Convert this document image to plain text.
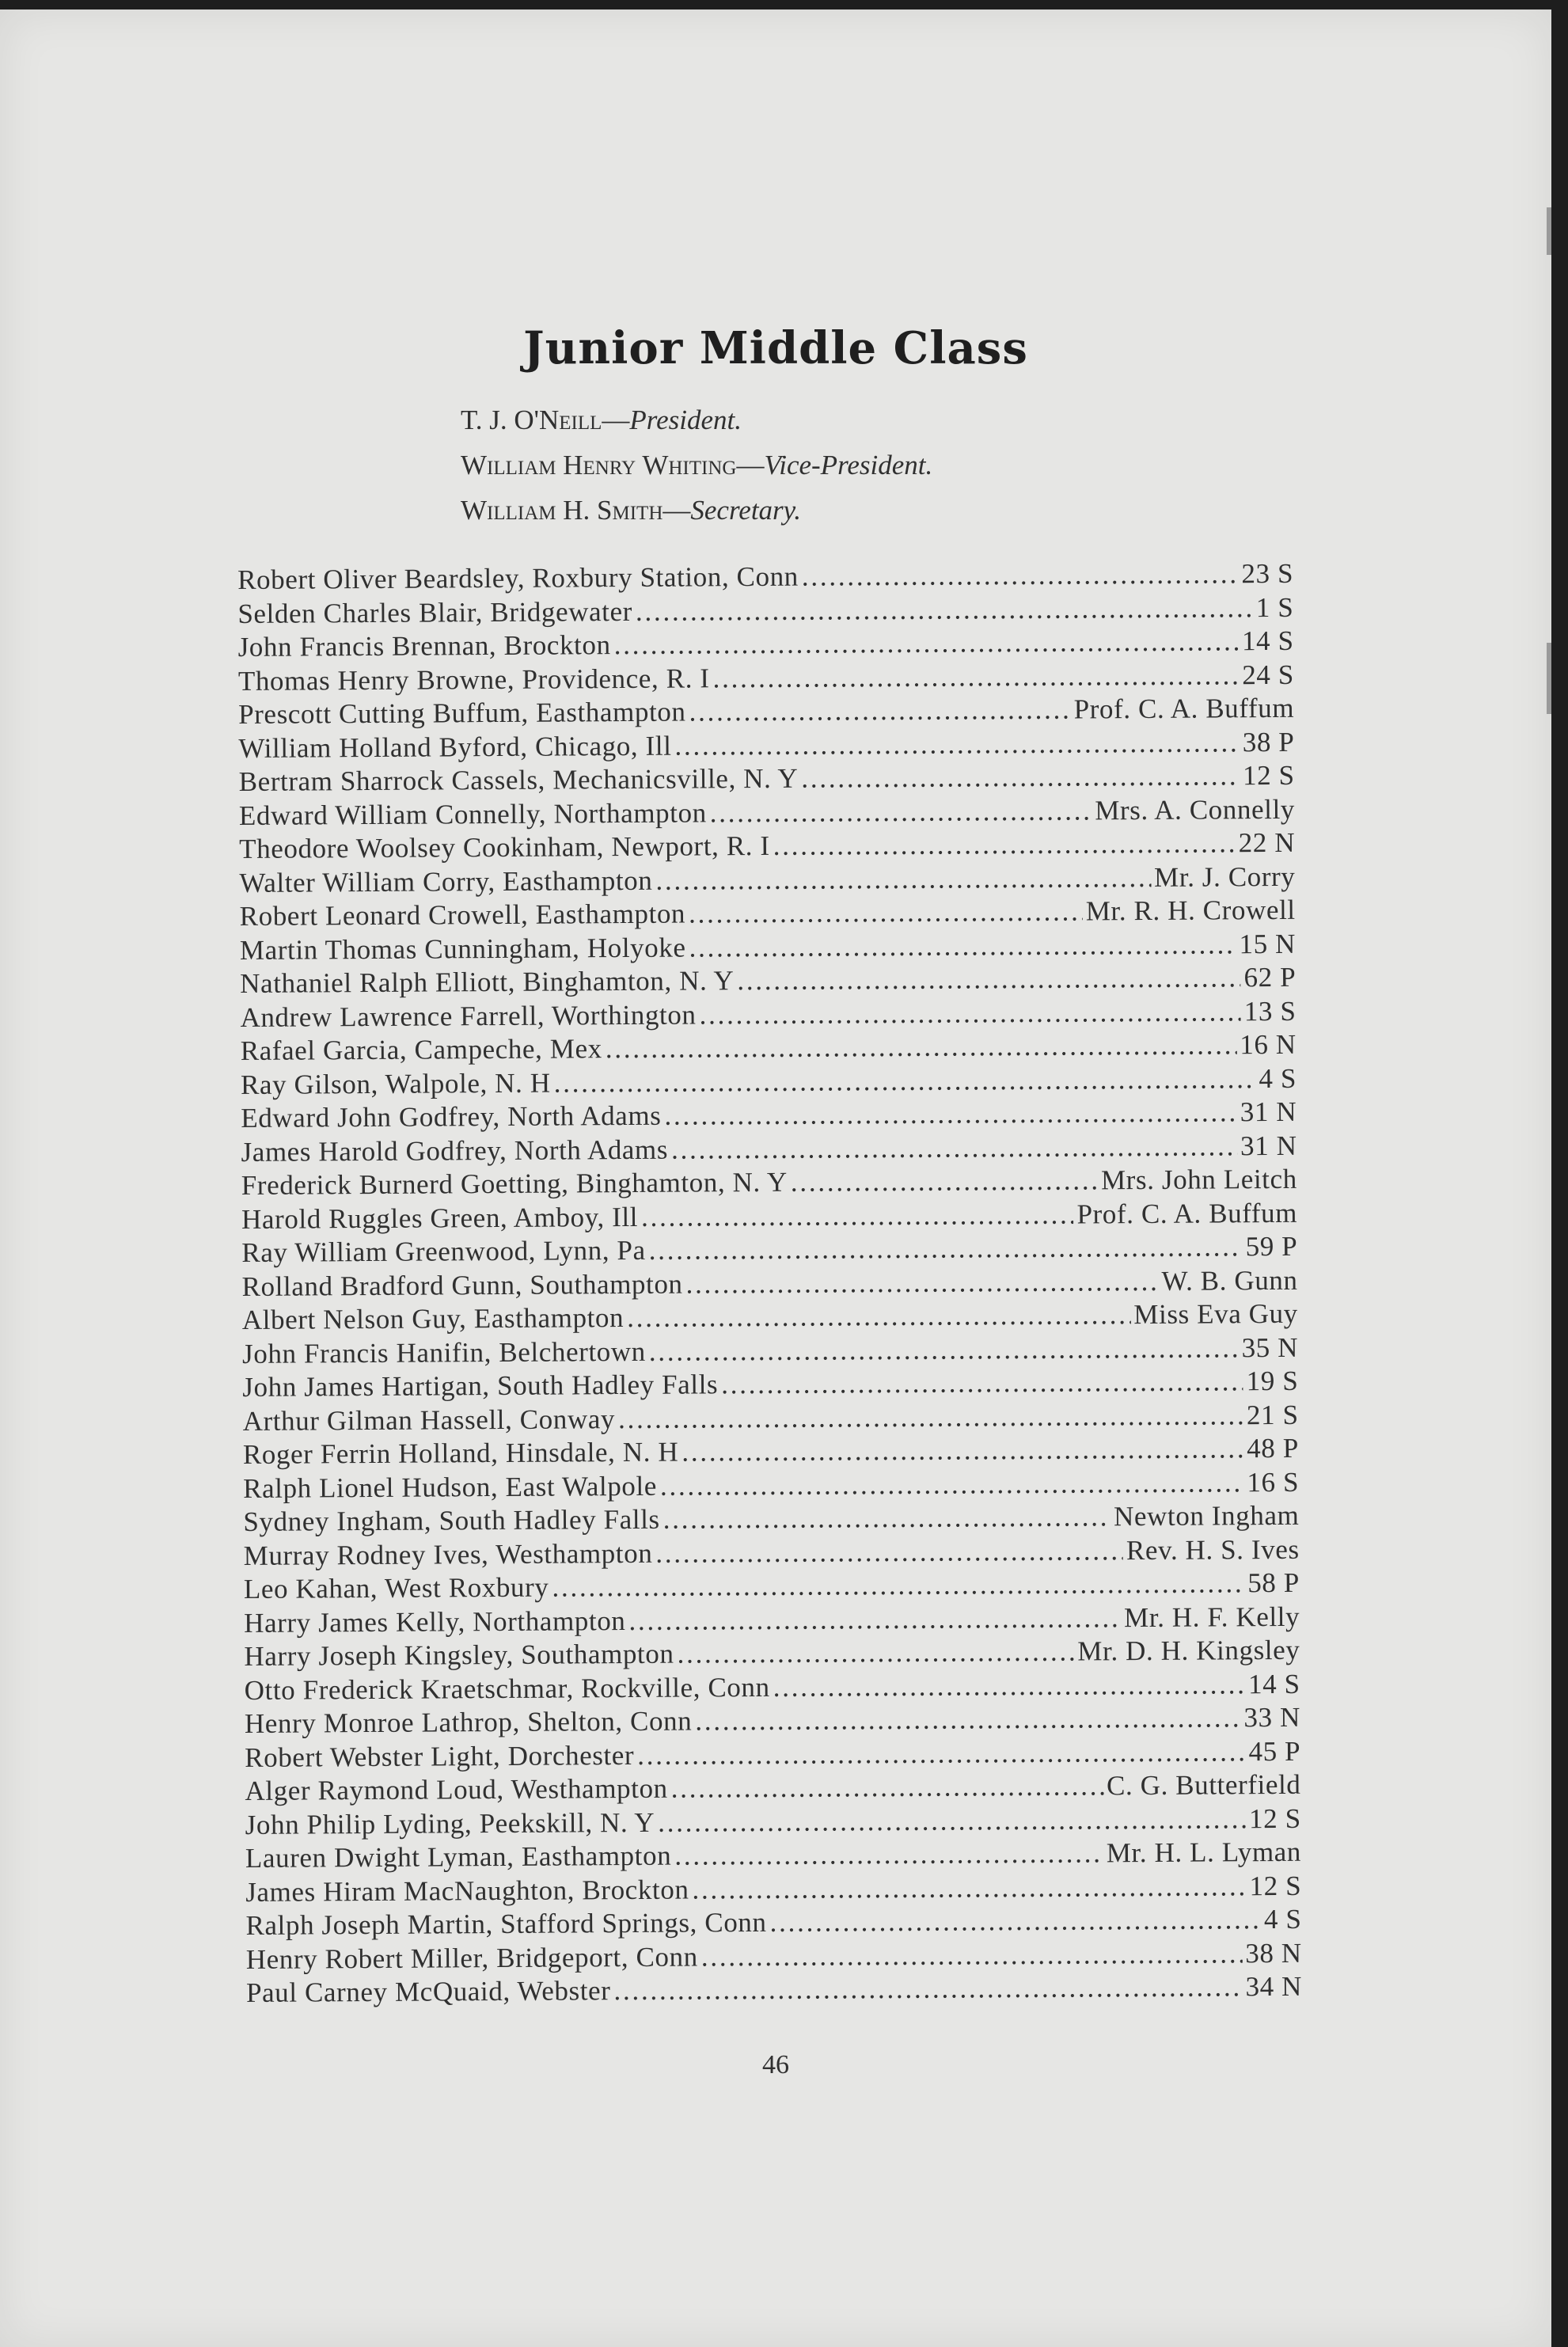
Junior Middle Class
T. J. O'Neill—President.
William Henry Whiting—Vice-President.
William H. Smith—Secretary.
Robert Oliver Beardsley, Roxbury Station, Conn . . .	23 S
Selden Charles Blair, Bridgewater . . .	1 S
John Francis Brennan, Brockton . . .	14 S
Thomas Henry Browne, Providence, R. I . . .	24 S
Prescott Cutting Buffum, Easthampton . . .	Prof. C. A. Buffum
William Holland Byford, Chicago, Ill . . .	38 P
Bertram Sharrock Cassels, Mechanicsville, N. Y . . .	12 S
Edward William Connelly, Northampton . . .	Mrs. A. Connelly
Theodore Woolsey Cookinham, Newport, R. I . . .	22 N
Walter William Corry, Easthampton . . .	Mr. J. Corry
Robert Leonard Crowell, Easthampton . . .	Mr. R. H. Crowell
Martin Thomas Cunningham, Holyoke . . .	15 N
Nathaniel Ralph Elliott, Binghamton, N. Y . . .	62 P
Andrew Lawrence Farrell, Worthington . . .	13 S
Rafael Garcia, Campeche, Mex . . .	16 N
Ray Gilson, Walpole, N. H . . .	4 S
Edward John Godfrey, North Adams . . .	31 N
James Harold Godfrey, North Adams . . .	31 N
Frederick Burnerd Goetting, Binghamton, N. Y . . .	Mrs. John Leitch
Harold Ruggles Green, Amboy, Ill . . .	Prof. C. A. Buffum
Ray William Greenwood, Lynn, Pa . . .	59 P
Rolland Bradford Gunn, Southampton . . .	W. B. Gunn
Albert Nelson Guy, Easthampton . . .	Miss Eva Guy
John Francis Hanifin, Belchertown . . .	35 N
John James Hartigan, South Hadley Falls . . .	19 S
Arthur Gilman Hassell, Conway . . .	21 S
Roger Ferrin Holland, Hinsdale, N. H . . .	48 P
Ralph Lionel Hudson, East Walpole . . .	16 S
Sydney Ingham, South Hadley Falls . . .	Newton Ingham
Murray Rodney Ives, Westhampton . . .	Rev. H. S. Ives
Leo Kahan, West Roxbury . . .	58 P
Harry James Kelly, Northampton . . .	Mr. H. F. Kelly
Harry Joseph Kingsley, Southampton . . .	Mr. D. H. Kingsley
Otto Frederick Kraetschmar, Rockville, Conn . . .	14 S
Henry Monroe Lathrop, Shelton, Conn . . .	33 N
Robert Webster Light, Dorchester . . .	45 P
Alger Raymond Loud, Westhampton . . .	C. G. Butterfield
John Philip Lyding, Peekskill, N. Y . . .	12 S
Lauren Dwight Lyman, Easthampton . . .	Mr. H. L. Lyman
James Hiram MacNaughton, Brockton . . .	12 S
Ralph Joseph Martin, Stafford Springs, Conn . . .	4 S
Henry Robert Miller, Bridgeport, Conn . . .	38 N
Paul Carney McQuaid, Webster . . .	34 N
46
